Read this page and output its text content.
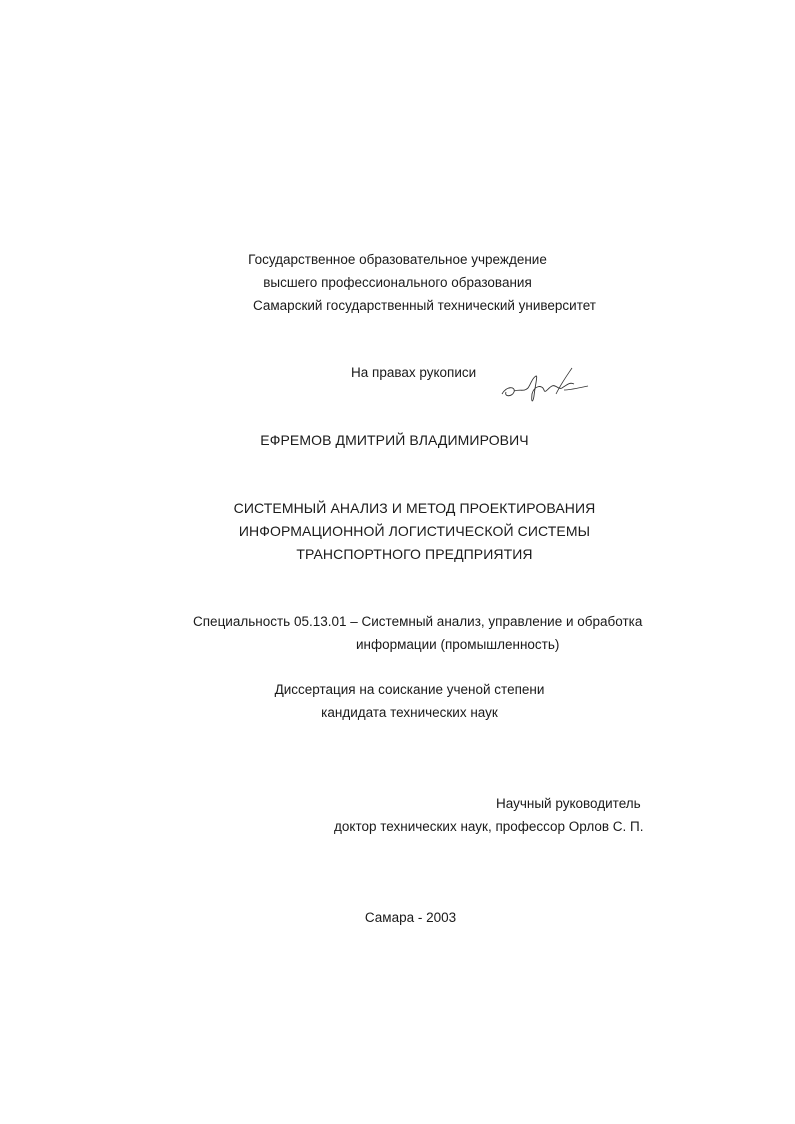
Государственное образовательное учреждение
высшего профессионального образования
Самарский государственный технический университет
На правах рукописи
ЕФРЕМОВ ДМИТРИЙ ВЛАДИМИРОВИЧ
СИСТЕМНЫЙ АНАЛИЗ И МЕТОД ПРОЕКТИРОВАНИЯ
ИНФОРМАЦИОННОЙ ЛОГИСТИЧЕСКОЙ СИСТЕМЫ
ТРАНСПОРТНОГО ПРЕДПРИЯТИЯ
Специальность 05.13.01 – Системный анализ, управление и обработка
информации (промышленность)
Диссертация на соискание ученой степени
кандидата технических наук
Научный руководитель
доктор технических наук, профессор Орлов С. П.
Самара - 2003
